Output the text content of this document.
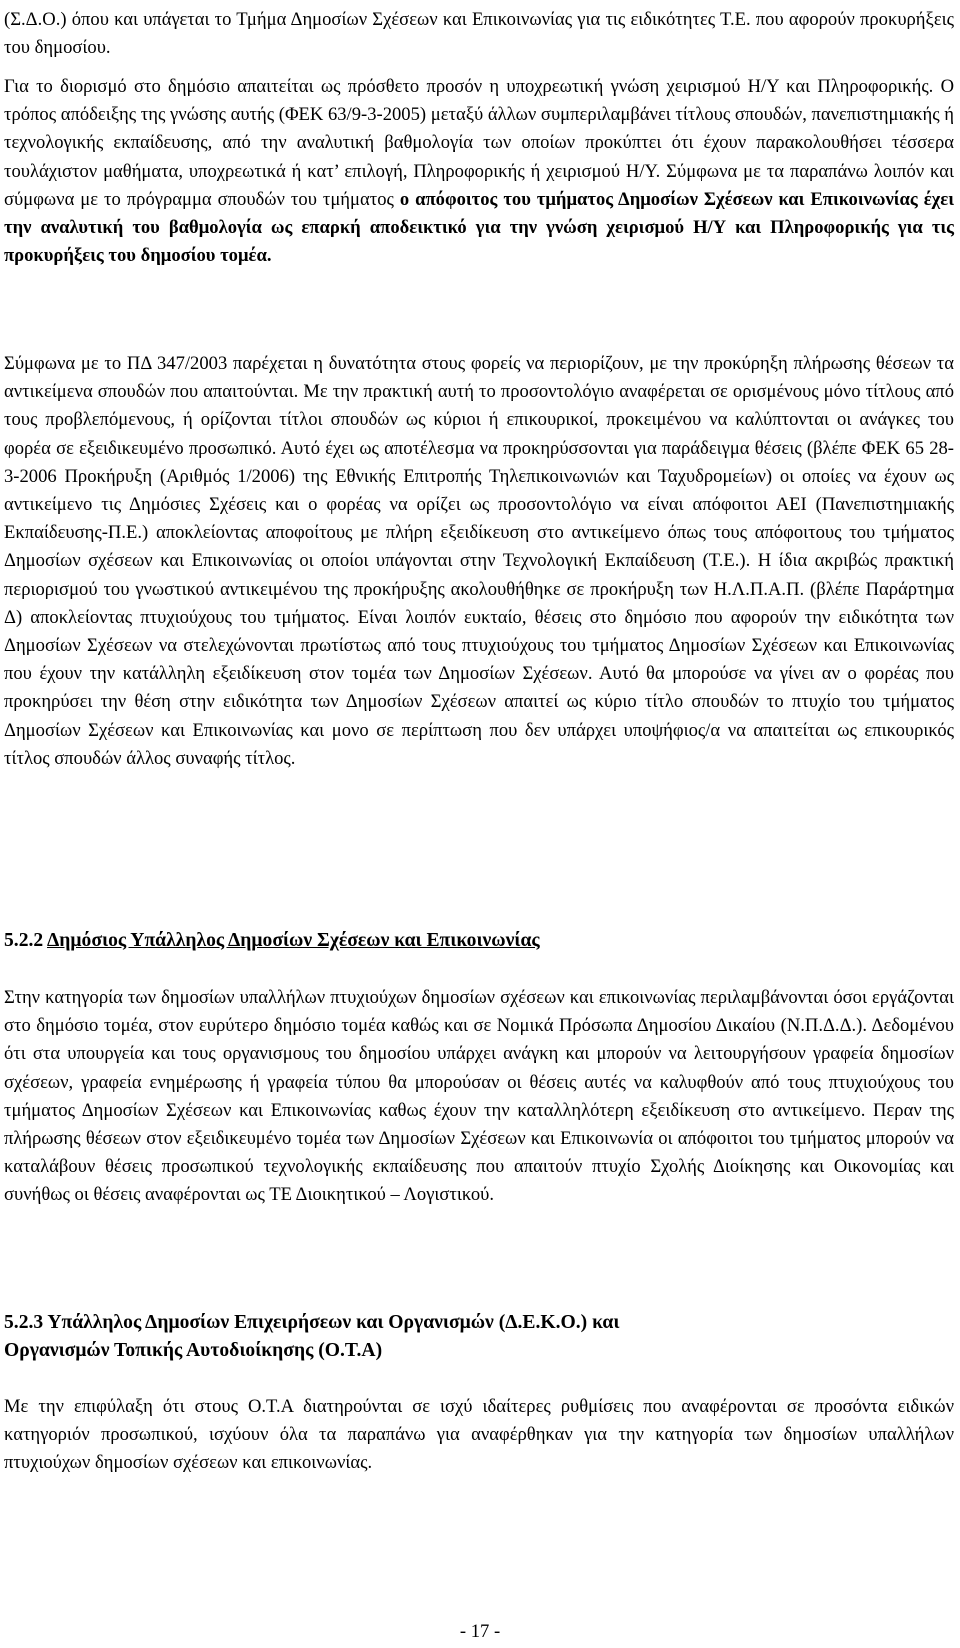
(Σ.Δ.Ο.) όπου και υπάγεται το Τμήμα Δημοσίων Σχέσεων και Επικοινωνίας για τις ειδικότητες Τ.Ε. που αφορούν προκυρήξεις του δημοσίου.

Για το διορισμό στο δημόσιο απαιτείται ως πρόσθετο προσόν η υποχρεωτική γνώση χειρισμού Η/Υ και Πληροφορικής. Ο τρόπος απόδειξης της γνώσης αυτής (ΦΕΚ 63/9-3-2005) μεταξύ άλλων συμπεριλαμβάνει τίτλους σπουδών, πανεπιστημιακής ή τεχνολογικής εκπαίδευσης, από την αναλυτική βαθμολογία των οποίων προκύπτει ότι έχουν παρακολουθήσει τέσσερα τουλάχιστον μαθήματα, υποχρεωτικά ή κατ’ επιλογή, Πληροφορικής ή χειρισμού Η/Υ. Σύμφωνα με τα παραπάνω λοιπόν και σύμφωνα με το πρόγραμμα σπουδών του τμήματος ο απόφοιτος του τμήματος Δημοσίων Σχέσεων και Επικοινωνίας έχει την αναλυτική του βαθμολογία ως επαρκή αποδεικτικό για την γνώση χειρισμού Η/Υ και Πληροφορικής για τις προκυρήξεις του δημοσίου τομέα.

Σύμφωνα με το ΠΔ 347/2003 παρέχεται η δυνατότητα στους φορείς να περιορίζουν, με την προκύρηξη πλήρωσης θέσεων τα αντικείμενα σπουδών που απαιτούνται. Με την πρακτική αυτή το προσοντολόγιο αναφέρεται σε ορισμένους μόνο τίτλους από τους προβλεπόμενους, ή ορίζονται τίτλοι σπουδών ως κύριοι ή επικουρικοί, προκειμένου να καλύπτονται οι ανάγκες του φορέα σε εξειδικευμένο προσωπικό. Αυτό έχει ως αποτέλεσμα να προκηρύσσονται για παράδειγμα θέσεις (βλέπε ΦΕΚ 65 28-3-2006 Προκήρυξη (Αριθμός 1/2006) της Εθνικής Επιτροπής Τηλεπικοινωνιών και Ταχυδρομείων) οι οποίες να έχουν ως αντικείμενο τις Δημόσιες Σχέσεις και ο φορέας να ορίζει ως προσοντολόγιο να είναι απόφοιτοι ΑΕΙ (Πανεπιστημιακής Εκπαίδευσης-Π.Ε.) αποκλείοντας αποφοίτους με πλήρη εξειδίκευση στο αντικείμενο όπως τους απόφοιτους του τμήματος Δημοσίων σχέσεων και Επικοινωνίας οι οποίοι υπάγονται στην Τεχνολογική Εκπαίδευση (Τ.Ε.). Η ίδια ακριβώς πρακτική περιορισμού του γνωστικού αντικειμένου της προκήρυξης ακολουθήθηκε σε προκήρυξη των Η.Λ.Π.Α.Π. (βλέπε Παράρτημα Δ) αποκλείοντας πτυχιούχους του τμήματος. Είναι λοιπόν ευκταίο, θέσεις στο δημόσιο που αφορούν την ειδικότητα των Δημοσίων Σχέσεων να στελεχώνονται πρωτίστως από τους πτυχιούχους του τμήματος Δημοσίων Σχέσεων και Επικοινωνίας που έχουν την κατάλληλη εξειδίκευση στον τομέα των Δημοσίων Σχέσεων. Αυτό θα μπορούσε να γίνει αν ο φορέας που προκηρύσει την θέση στην ειδικότητα των Δημοσίων Σχέσεων απαιτεί ως κύριο τίτλο σπουδών το πτυχίο του τμήματος Δημοσίων Σχέσεων και Επικοινωνίας και μονο σε περίπτωση που δεν υπάρχει υποψήφιος/α να απαιτείται ως επικουρικός τίτλος σπουδών άλλος συναφής τίτλος.

5.2.2 Δημόσιος Υπάλληλος Δημοσίων Σχέσεων και Επικοινωνίας

Στην κατηγορία των δημοσίων υπαλλήλων πτυχιούχων δημοσίων σχέσεων και επικοινωνίας περιλαμβάνονται όσοι εργάζονται στο δημόσιο τομέα, στον ευρύτερο δημόσιο τομέα καθώς και σε Νομικά Πρόσωπα Δημοσίου Δικαίου (Ν.Π.Δ.Δ.). Δεδομένου ότι στα υπουργεία και τους οργανισμους του δημοσίου υπάρχει ανάγκη και μπορούν να λειτουργήσουν γραφεία δημοσίων σχέσεων, γραφεία ενημέρωσης ή γραφεία τύπου θα μπορούσαν οι θέσεις αυτές να καλυφθούν από τους πτυχιούχους του τμήματος Δημοσίων Σχέσεων και Επικοινωνίας καθως έχουν την καταλληλότερη εξειδίκευση στο αντικείμενο. Περαν της πλήρωσης θέσεων στον εξειδικευμένο τομέα των Δημοσίων Σχέσεων και Επικοινωνία οι απόφοιτοι του τμήματος μπορούν να καταλάβουν θέσεις προσωπικού τεχνολογικής εκπαίδευσης που απαιτούν πτυχίο Σχολής Διοίκησης και Οικονομίας και συνήθως οι θέσεις αναφέρονται ως ΤΕ Διοικητικού – Λογιστικού.

5.2.3 Υπάλληλος Δημοσίων Επιχειρήσεων και Οργανισμών (Δ.Ε.Κ.Ο.) και
Οργανισμών Τοπικής Αυτοδιοίκησης (Ο.Τ.Α)

Με την επιφύλαξη ότι στους Ο.Τ.Α διατηρούνται σε ισχύ ιδαίτερες ρυθμίσεις που αναφέρονται σε προσόντα ειδικών κατηγοριόν προσωπικού, ισχύουν όλα τα παραπάνω για αναφέρθηκαν για την κατηγορία των δημοσίων υπαλλήλων πτυχιούχων δημοσίων σχέσεων και επικοινωνίας.

- 17 -
